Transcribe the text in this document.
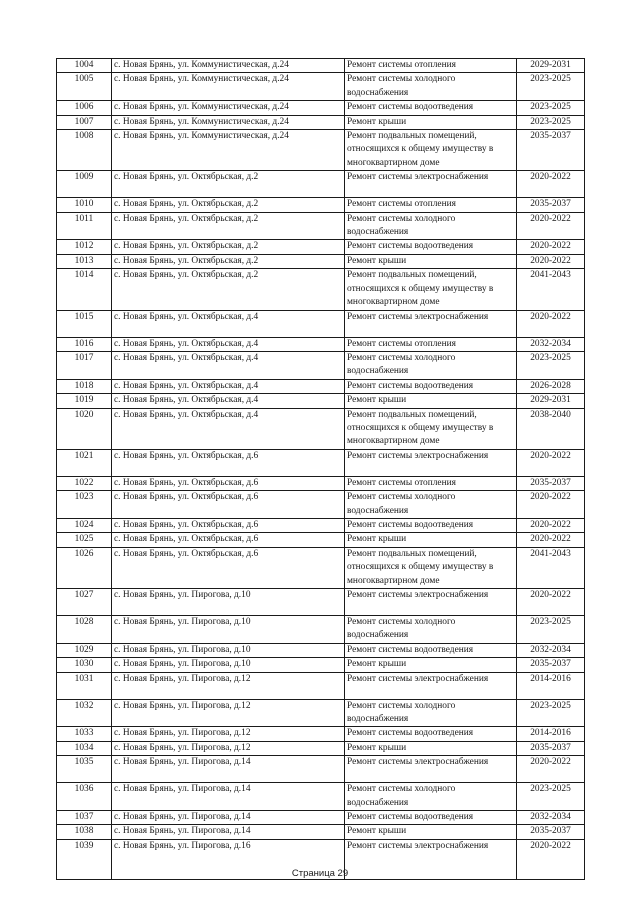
1004	с. Новая Брянь, ул. Коммунистическая, д.24	Ремонт системы отопления	2029-2031
1005	с. Новая Брянь, ул. Коммунистическая, д.24	Ремонт системы холодного водоснабжения	2023-2025
1006	с. Новая Брянь, ул. Коммунистическая, д.24	Ремонт системы водоотведения	2023-2025
1007	с. Новая Брянь, ул. Коммунистическая, д.24	Ремонт крыши	2023-2025
1008	с. Новая Брянь, ул. Коммунистическая, д.24	Ремонт подвальных помещений, относящихся к общему имуществу в многоквартирном доме	2035-2037
1009	с. Новая Брянь, ул. Октябрьская, д.2	Ремонт системы электроснабжения	2020-2022
1010	с. Новая Брянь, ул. Октябрьская, д.2	Ремонт системы отопления	2035-2037
1011	с. Новая Брянь, ул. Октябрьская, д.2	Ремонт системы холодного водоснабжения	2020-2022
1012	с. Новая Брянь, ул. Октябрьская, д.2	Ремонт системы водоотведения	2020-2022
1013	с. Новая Брянь, ул. Октябрьская, д.2	Ремонт крыши	2020-2022
1014	с. Новая Брянь, ул. Октябрьская, д.2	Ремонт подвальных помещений, относящихся к общему имуществу в многоквартирном доме	2041-2043
1015	с. Новая Брянь, ул. Октябрьская, д.4	Ремонт системы электроснабжения	2020-2022
1016	с. Новая Брянь, ул. Октябрьская, д.4	Ремонт системы отопления	2032-2034
1017	с. Новая Брянь, ул. Октябрьская, д.4	Ремонт системы холодного водоснабжения	2023-2025
1018	с. Новая Брянь, ул. Октябрьская, д.4	Ремонт системы водоотведения	2026-2028
1019	с. Новая Брянь, ул. Октябрьская, д.4	Ремонт крыши	2029-2031
1020	с. Новая Брянь, ул. Октябрьская, д.4	Ремонт подвальных помещений, относящихся к общему имуществу в многоквартирном доме	2038-2040
1021	с. Новая Брянь, ул. Октябрьская, д.6	Ремонт системы электроснабжения	2020-2022
1022	с. Новая Брянь, ул. Октябрьская, д.6	Ремонт системы отопления	2035-2037
1023	с. Новая Брянь, ул. Октябрьская, д.6	Ремонт системы холодного водоснабжения	2020-2022
1024	с. Новая Брянь, ул. Октябрьская, д.6	Ремонт системы водоотведения	2020-2022
1025	с. Новая Брянь, ул. Октябрьская, д.6	Ремонт крыши	2020-2022
1026	с. Новая Брянь, ул. Октябрьская, д.6	Ремонт подвальных помещений, относящихся к общему имуществу в многоквартирном доме	2041-2043
1027	с. Новая Брянь, ул. Пирогова, д.10	Ремонт системы электроснабжения	2020-2022
1028	с. Новая Брянь, ул. Пирогова, д.10	Ремонт системы холодного водоснабжения	2023-2025
1029	с. Новая Брянь, ул. Пирогова, д.10	Ремонт системы водоотведения	2032-2034
1030	с. Новая Брянь, ул. Пирогова, д.10	Ремонт крыши	2035-2037
1031	с. Новая Брянь, ул. Пирогова, д.12	Ремонт системы электроснабжения	2014-2016
1032	с. Новая Брянь, ул. Пирогова, д.12	Ремонт системы холодного водоснабжения	2023-2025
1033	с. Новая Брянь, ул. Пирогова, д.12	Ремонт системы водоотведения	2014-2016
1034	с. Новая Брянь, ул. Пирогова, д.12	Ремонт крыши	2035-2037
1035	с. Новая Брянь, ул. Пирогова, д.14	Ремонт системы электроснабжения	2020-2022
1036	с. Новая Брянь, ул. Пирогова, д.14	Ремонт системы холодного водоснабжения	2023-2025
1037	с. Новая Брянь, ул. Пирогова, д.14	Ремонт системы водоотведения	2032-2034
1038	с. Новая Брянь, ул. Пирогова, д.14	Ремонт крыши	2035-2037
1039	с. Новая Брянь, ул. Пирогова, д.16	Ремонт системы электроснабжения	2020-2022
Страница 29
